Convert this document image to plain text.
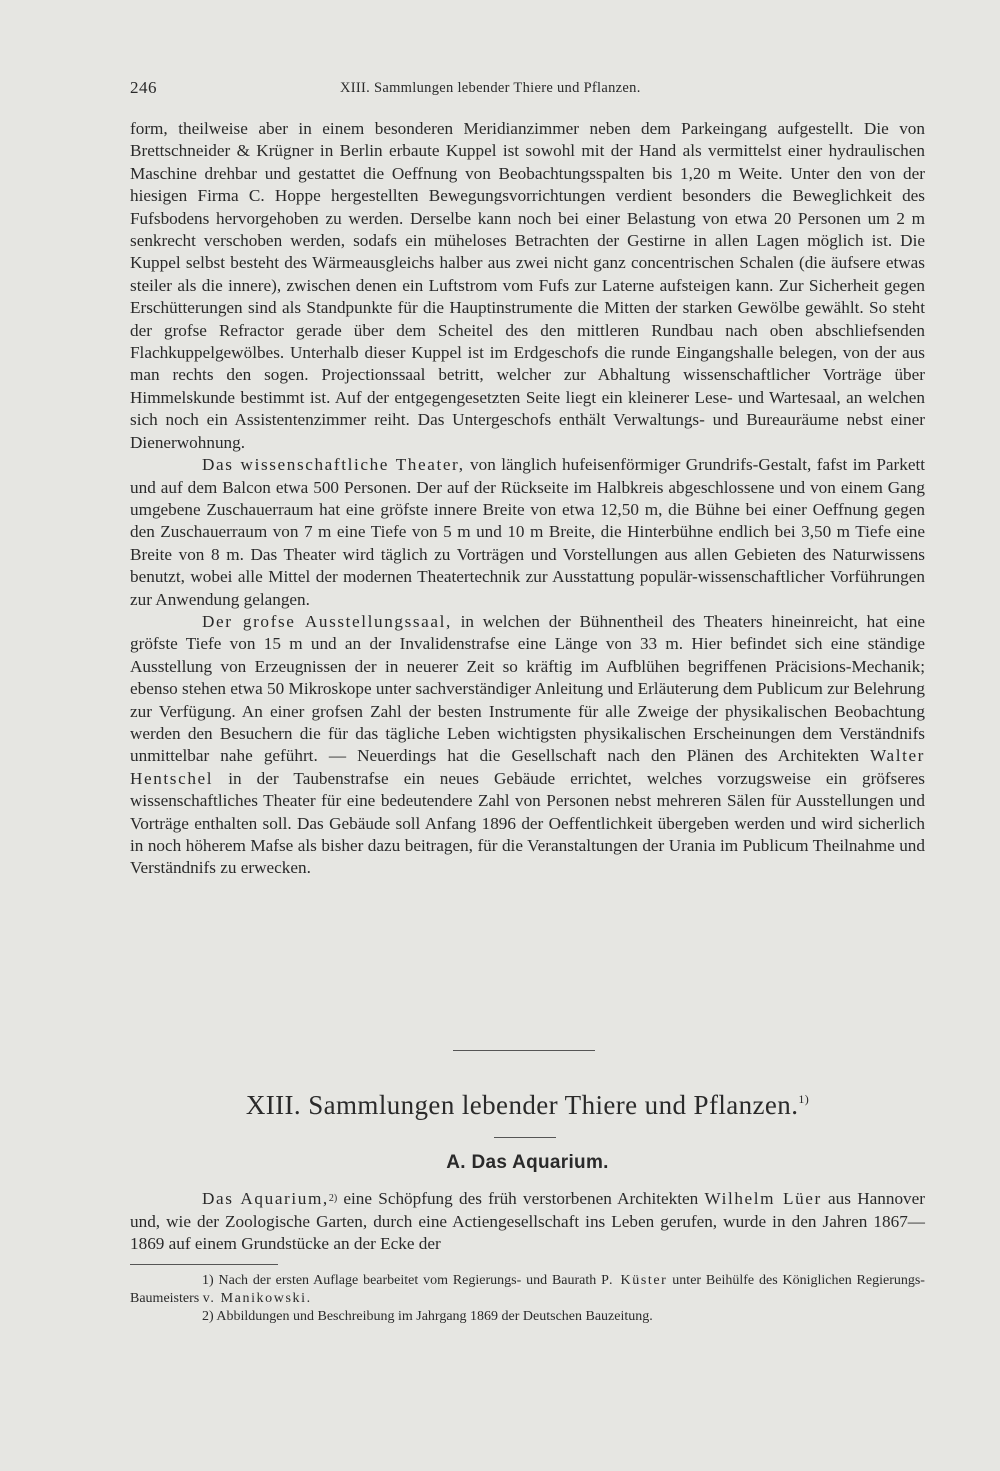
246	XIII. Sammlungen lebender Thiere und Pflanzen.

form, theilweise aber in einem besonderen Meridianzimmer neben dem Parkeingang aufgestellt. Die von Brettschneider & Krügner in Berlin erbaute Kuppel ist sowohl mit der Hand als vermittelst einer hydraulischen Maschine drehbar und gestattet die Oeffnung von Beobachtungsspalten bis 1,20 m Weite. Unter den von der hiesigen Firma C. Hoppe hergestellten Bewegungsvorrichtungen verdient besonders die Beweglichkeit des Fufsbodens hervorgehoben zu werden. Derselbe kann noch bei einer Belastung von etwa 20 Personen um 2 m senkrecht verschoben werden, sodafs ein müheloses Betrachten der Gestirne in allen Lagen möglich ist. Die Kuppel selbst besteht des Wärmeausgleichs halber aus zwei nicht ganz concentrischen Schalen (die äufsere etwas steiler als die innere), zwischen denen ein Luftstrom vom Fufs zur Laterne aufsteigen kann. Zur Sicherheit gegen Erschütterungen sind als Standpunkte für die Hauptinstrumente die Mitten der starken Gewölbe gewählt. So steht der grofse Refractor gerade über dem Scheitel des den mittleren Rundbau nach oben abschliefsenden Flachkuppelgewölbes. Unterhalb dieser Kuppel ist im Erdgeschofs die runde Eingangshalle belegen, von der aus man rechts den sogen. Projectionssaal betritt, welcher zur Abhaltung wissenschaftlicher Vorträge über Himmelskunde bestimmt ist. Auf der entgegengesetzten Seite liegt ein kleinerer Lese- und Wartesaal, an welchen sich noch ein Assistentenzimmer reiht. Das Untergeschofs enthält Verwaltungs- und Bureauräume nebst einer Dienerwohnung.

Das wissenschaftliche Theater, von länglich hufeisenförmiger Grundrifs-Gestalt, fafst im Parkett und auf dem Balcon etwa 500 Personen. Der auf der Rückseite im Halbkreis abgeschlossene und von einem Gang umgebene Zuschauerraum hat eine gröfste innere Breite von etwa 12,50 m, die Bühne bei einer Oeffnung gegen den Zuschauerraum von 7 m eine Tiefe von 5 m und 10 m Breite, die Hinterbühne endlich bei 3,50 m Tiefe eine Breite von 8 m. Das Theater wird täglich zu Vorträgen und Vorstellungen aus allen Gebieten des Naturwissens benutzt, wobei alle Mittel der modernen Theatertechnik zur Ausstattung populär-wissenschaftlicher Vorführungen zur Anwendung gelangen.

Der grofse Ausstellungssaal, in welchen der Bühnentheil des Theaters hineinreicht, hat eine gröfste Tiefe von 15 m und an der Invalidenstrafse eine Länge von 33 m. Hier befindet sich eine ständige Ausstellung von Erzeugnissen der in neuerer Zeit so kräftig im Aufblühen begriffenen Präcisions-Mechanik; ebenso stehen etwa 50 Mikroskope unter sachverständiger Anleitung und Erläuterung dem Publicum zur Belehrung zur Verfügung. An einer grofsen Zahl der besten Instrumente für alle Zweige der physikalischen Beobachtung werden den Besuchern die für das tägliche Leben wichtigsten physikalischen Erscheinungen dem Verständnifs unmittelbar nahe geführt. — Neuerdings hat die Gesellschaft nach den Plänen des Architekten Walter Hentschel in der Taubenstrafse ein neues Gebäude errichtet, welches vorzugsweise ein gröfseres wissenschaftliches Theater für eine bedeutendere Zahl von Personen nebst mehreren Sälen für Ausstellungen und Vorträge enthalten soll. Das Gebäude soll Anfang 1896 der Oeffentlichkeit übergeben werden und wird sicherlich in noch höherem Mafse als bisher dazu beitragen, für die Veranstaltungen der Urania im Publicum Theilnahme und Verständnifs zu erwecken.

XIII. Sammlungen lebender Thiere und Pflanzen.$^{1)}$
A. Das Aquarium.

Das Aquarium,$^{2)}$ eine Schöpfung des früh verstorbenen Architekten Wilhelm Lüer aus Hannover und, wie der Zoologische Garten, durch eine Actiengesellschaft ins Leben gerufen, wurde in den Jahren 1867—1869 auf einem Grundstücke an der Ecke der

1) Nach der ersten Auflage bearbeitet vom Regierungs- und Baurath P. Küster unter Beihülfe des Königlichen Regierungs-Baumeisters v. Manikowski.

2) Abbildungen und Beschreibung im Jahrgang 1869 der Deutschen Bauzeitung.
